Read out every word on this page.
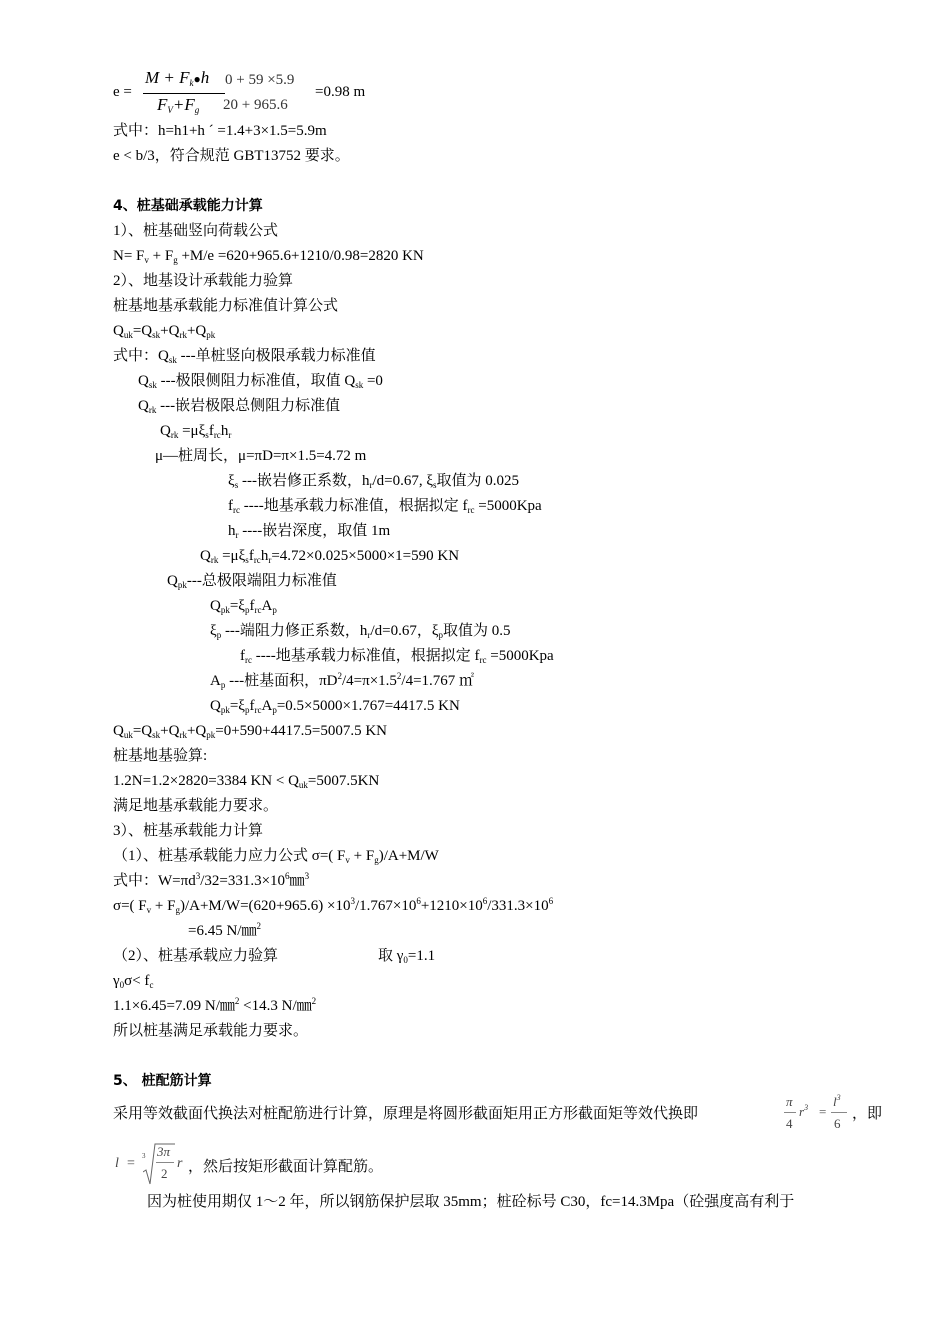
e =
$M + F_k●h$ 0 + 59 ×5.9
$F_V+F_g$ 20 + 965.6
=0.98 m
式中：h=h1+h ´ =1.4+3×1.5=5.9m
e < b/3，符合规范 GBT13752 要求。
4、桩基础承载能力计算
1）、桩基础竖向荷载公式
$N= F_v + F_g +M/e =620+965.6+1210/0.98=2820$ KN
2）、地基设计承载能力验算
桩基地基承载能力标准值计算公式
$Q_{uk}=Q_{sk}+Q_{rk}+Q_{pk}$
式中：$Q_{sk}$ ---单桩竖向极限承载力标准值
$Q_{sk}$ ---极限侧阻力标准值，取值 $Q_{sk} =0$
$Q_{rk}$ ---嵌岩极限总侧阻力标准值
$Q_{rk} =\mu\xi_sf_{rc}h_r$
μ—桩周长，μ=πD=π×1.5=4.72 m
$\xi_s$ ---嵌岩修正系数，$h_r/d=0.67$, $\xi_s$取值为 0.025
$f_{rc}$ ----地基承载力标准值，根据拟定 $f_{rc} =5000Kpa$
$h_r$ ----嵌岩深度，取值 1m
$Q_{rk} =\mu\xi_sf_{rc}h_r=4.72\times 0.025\times 5000\times 1=590$ KN
$Q_{pk}---$总极限端阻力标准值
$Q_{pk}=\xi_pf_{rc}A_p$
$\xi_p$ ---端阻力修正系数，$h_r/d=0.67$，$\xi_p$取值为 0.5
$f_{rc}$ ----地基承载力标准值，根据拟定 $f_{rc} =5000Kpa$
$A_p$ ---桩基面积，$\pi D^2/4=\pi\times 1.5^2/4=1.767$ ㎡
$Q_{pk}=\xi_pf_{rc}A_p=0.5\times 5000\times 1.767=4417.5$ KN
$Q_{uk}=Q_{sk}+Q_{rk}+Q_{pk}=0+590+4417.5=5007.5$ KN
桩基地基验算:
1.2N=1.2×2820=3384 KN < $Q_{uk}=5007.5KN$
满足地基承载能力要求。
3）、桩基承载能力计算
（1）、桩基承载能力应力公式 σ=( $F_v + F_g)/A+M/W$
式中：$W=\pi d^3/32=331.3\times 10^6㎜^3$
σ=( $F_v + F_g)/A+M/W=(620+965.6) \times 10^3/1.767\times 10^6+1210\times 10^6/331.3\times 10^6$
=6.45 N/㎜$^2$
（2）、桩基承载应力验算	取 $\gamma_0=1.1$
$\gamma_0\sigma< f_c$
1.1×6.45=7.09 N/㎜$^2$ <14.3 N/㎜$^2$
所以桩基满足承载能力要求。
5、 桩配筋计算
采用等效截面代换法对桩配筋进行计算，原理是将圆形截面矩用正方形截面矩等效代换即
π
4
$r^3$ =
$l^3$
6
，即
l = 3 3π
2
r ，然后按矩形截面计算配筋。
因为桩使用期仅 1～2 年，所以钢筋保护层取 35mm；桩砼标号 C30，fc=14.3Mpa（砼强度高有利于
